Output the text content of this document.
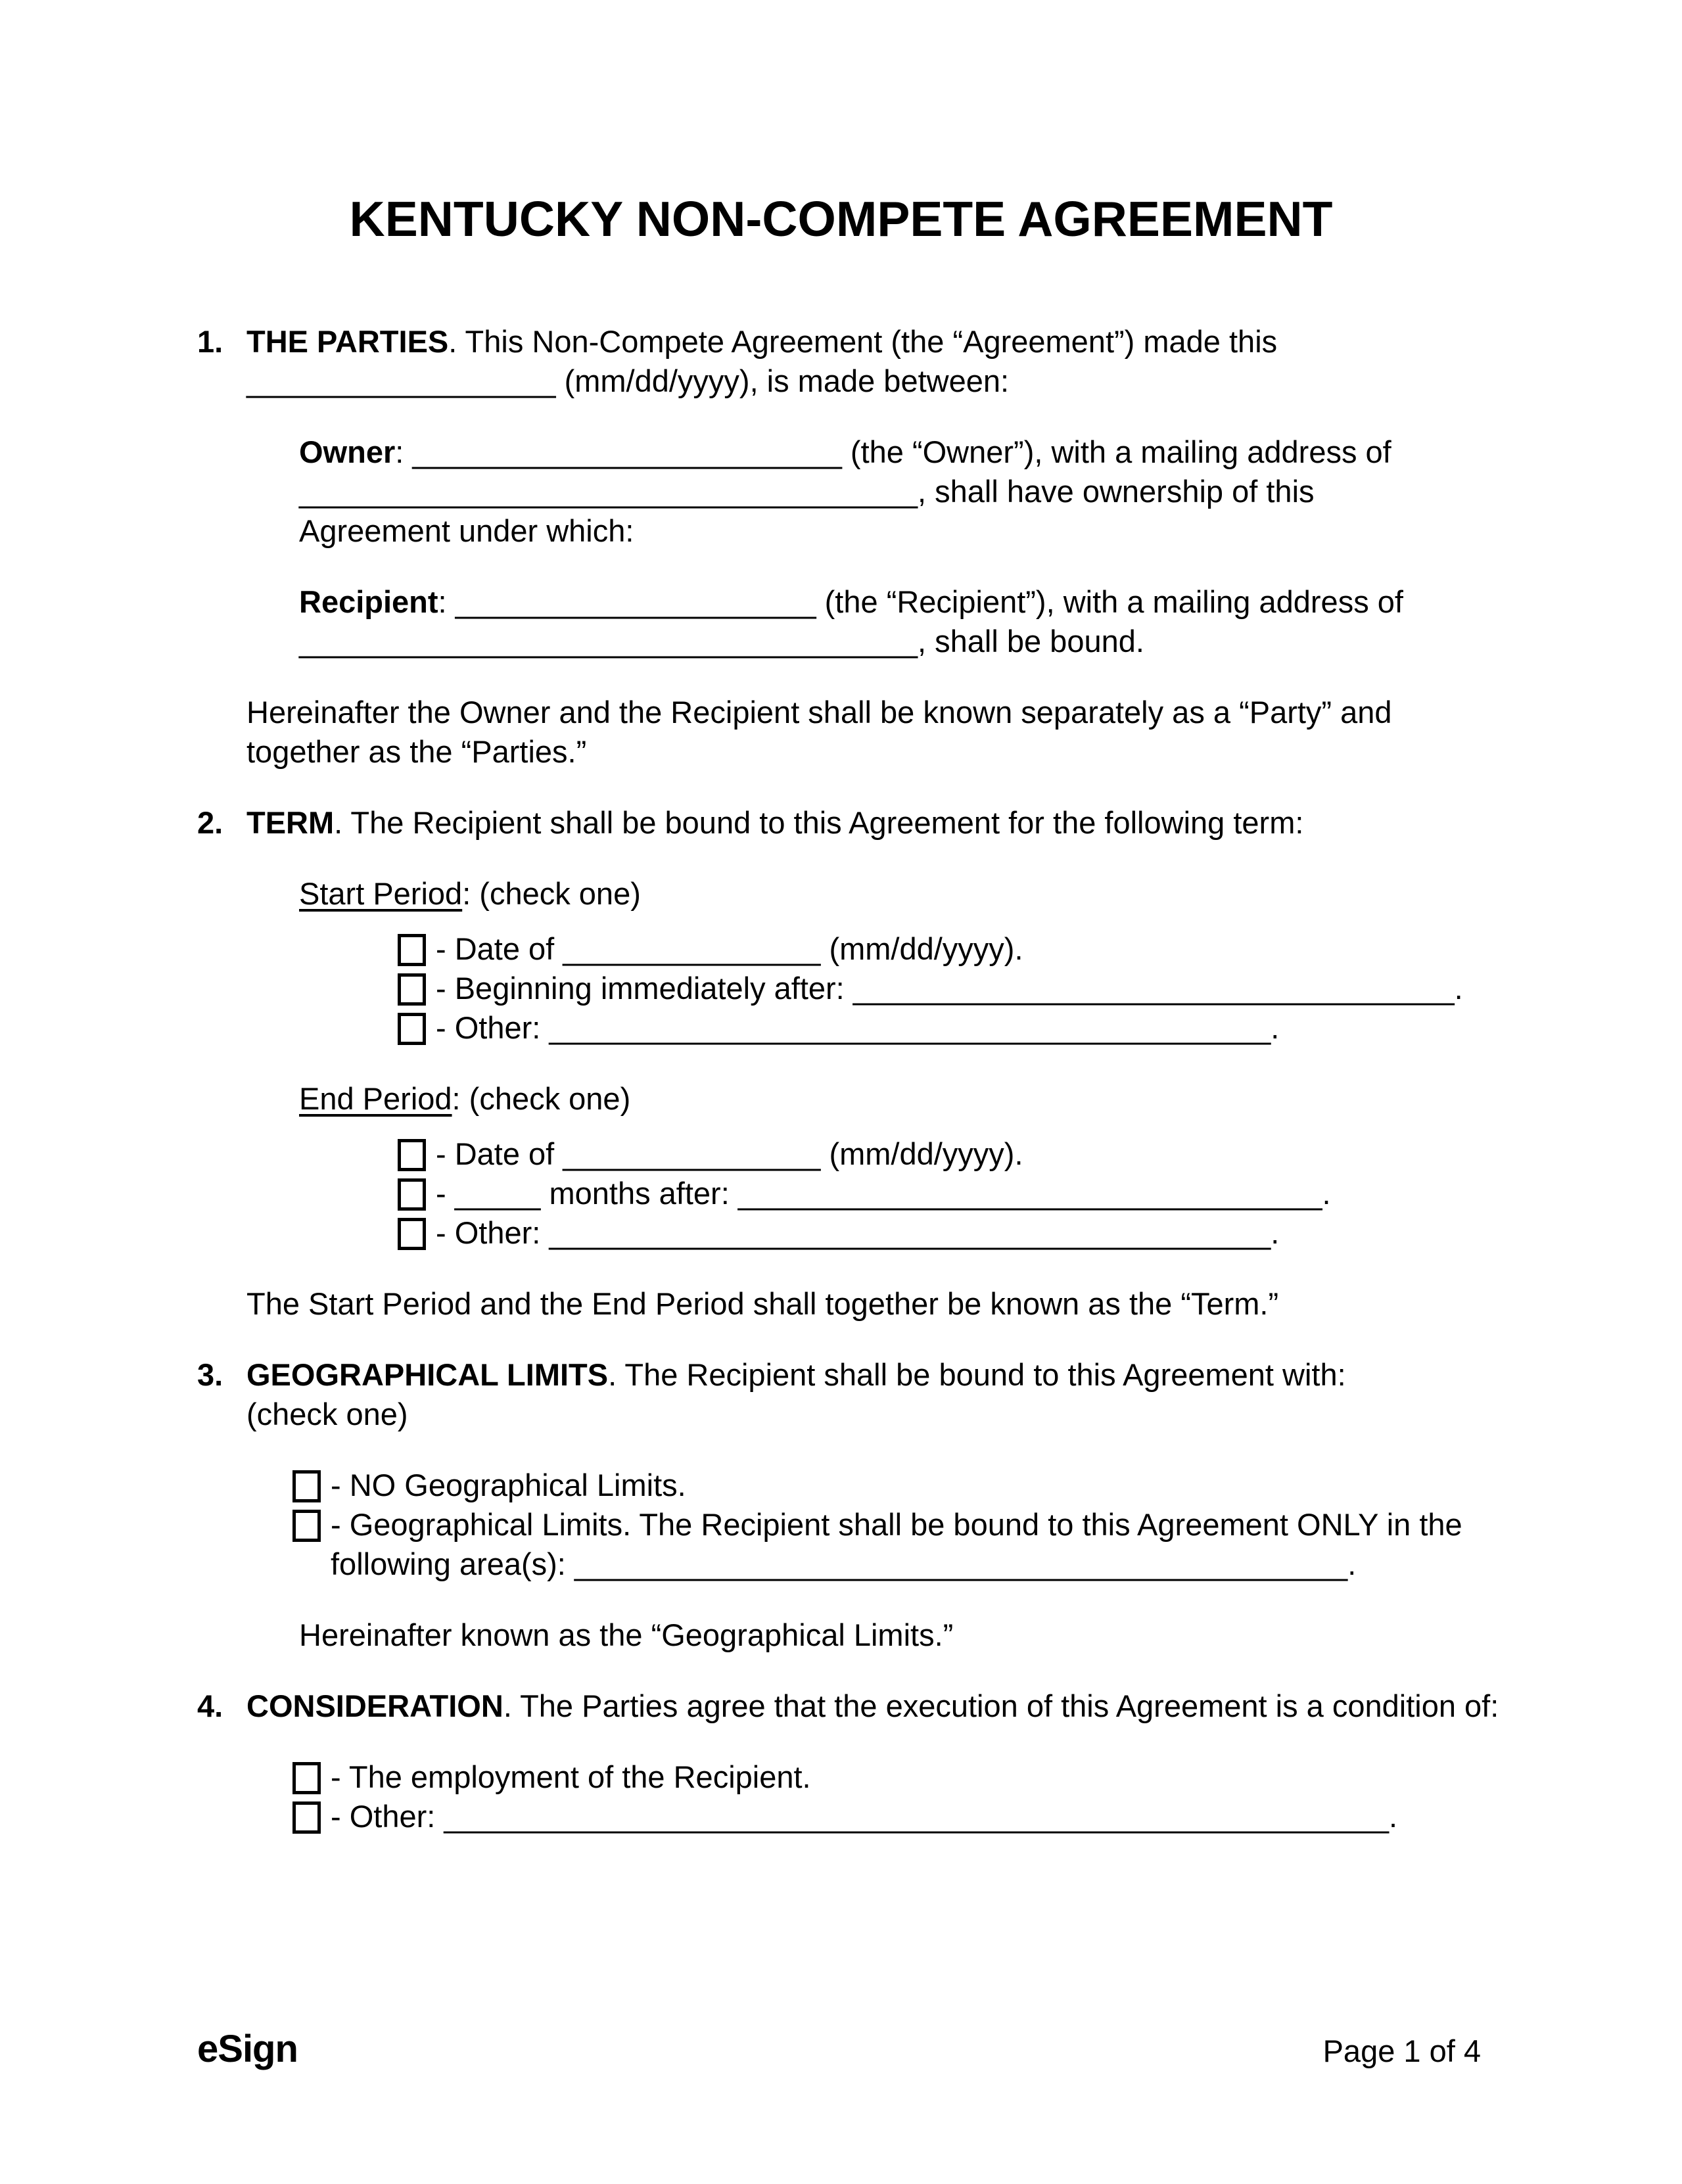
KENTUCKY NON-COMPETE AGREEMENT
1. THE PARTIES. This Non-Compete Agreement (the “Agreement”) made this
__________________ (mm/dd/yyyy), is made between:
Owner: _________________________ (the “Owner”), with a mailing address of
____________________________________, shall have ownership of this
Agreement under which:
Recipient: _____________________ (the “Recipient”), with a mailing address of
____________________________________, shall be bound.
Hereinafter the Owner and the Recipient shall be known separately as a “Party” and
together as the “Parties.”
2. TERM. The Recipient shall be bound to this Agreement for the following term:
Start Period: (check one)
- Date of _______________ (mm/dd/yyyy).
- Beginning immediately after: ___________________________________.
- Other: __________________________________________.
End Period: (check one)
- Date of _______________ (mm/dd/yyyy).
- _____ months after: __________________________________.
- Other: __________________________________________.
The Start Period and the End Period shall together be known as the “Term.”
3. GEOGRAPHICAL LIMITS. The Recipient shall be bound to this Agreement with:
(check one)
- NO Geographical Limits.
- Geographical Limits. The Recipient shall be bound to this Agreement ONLY in the
following area(s): _____________________________________________.
Hereinafter known as the “Geographical Limits.”
4. CONSIDERATION. The Parties agree that the execution of this Agreement is a condition of:
- The employment of the Recipient.
- Other: _______________________________________________________.
eSign	Page 1 of 4
